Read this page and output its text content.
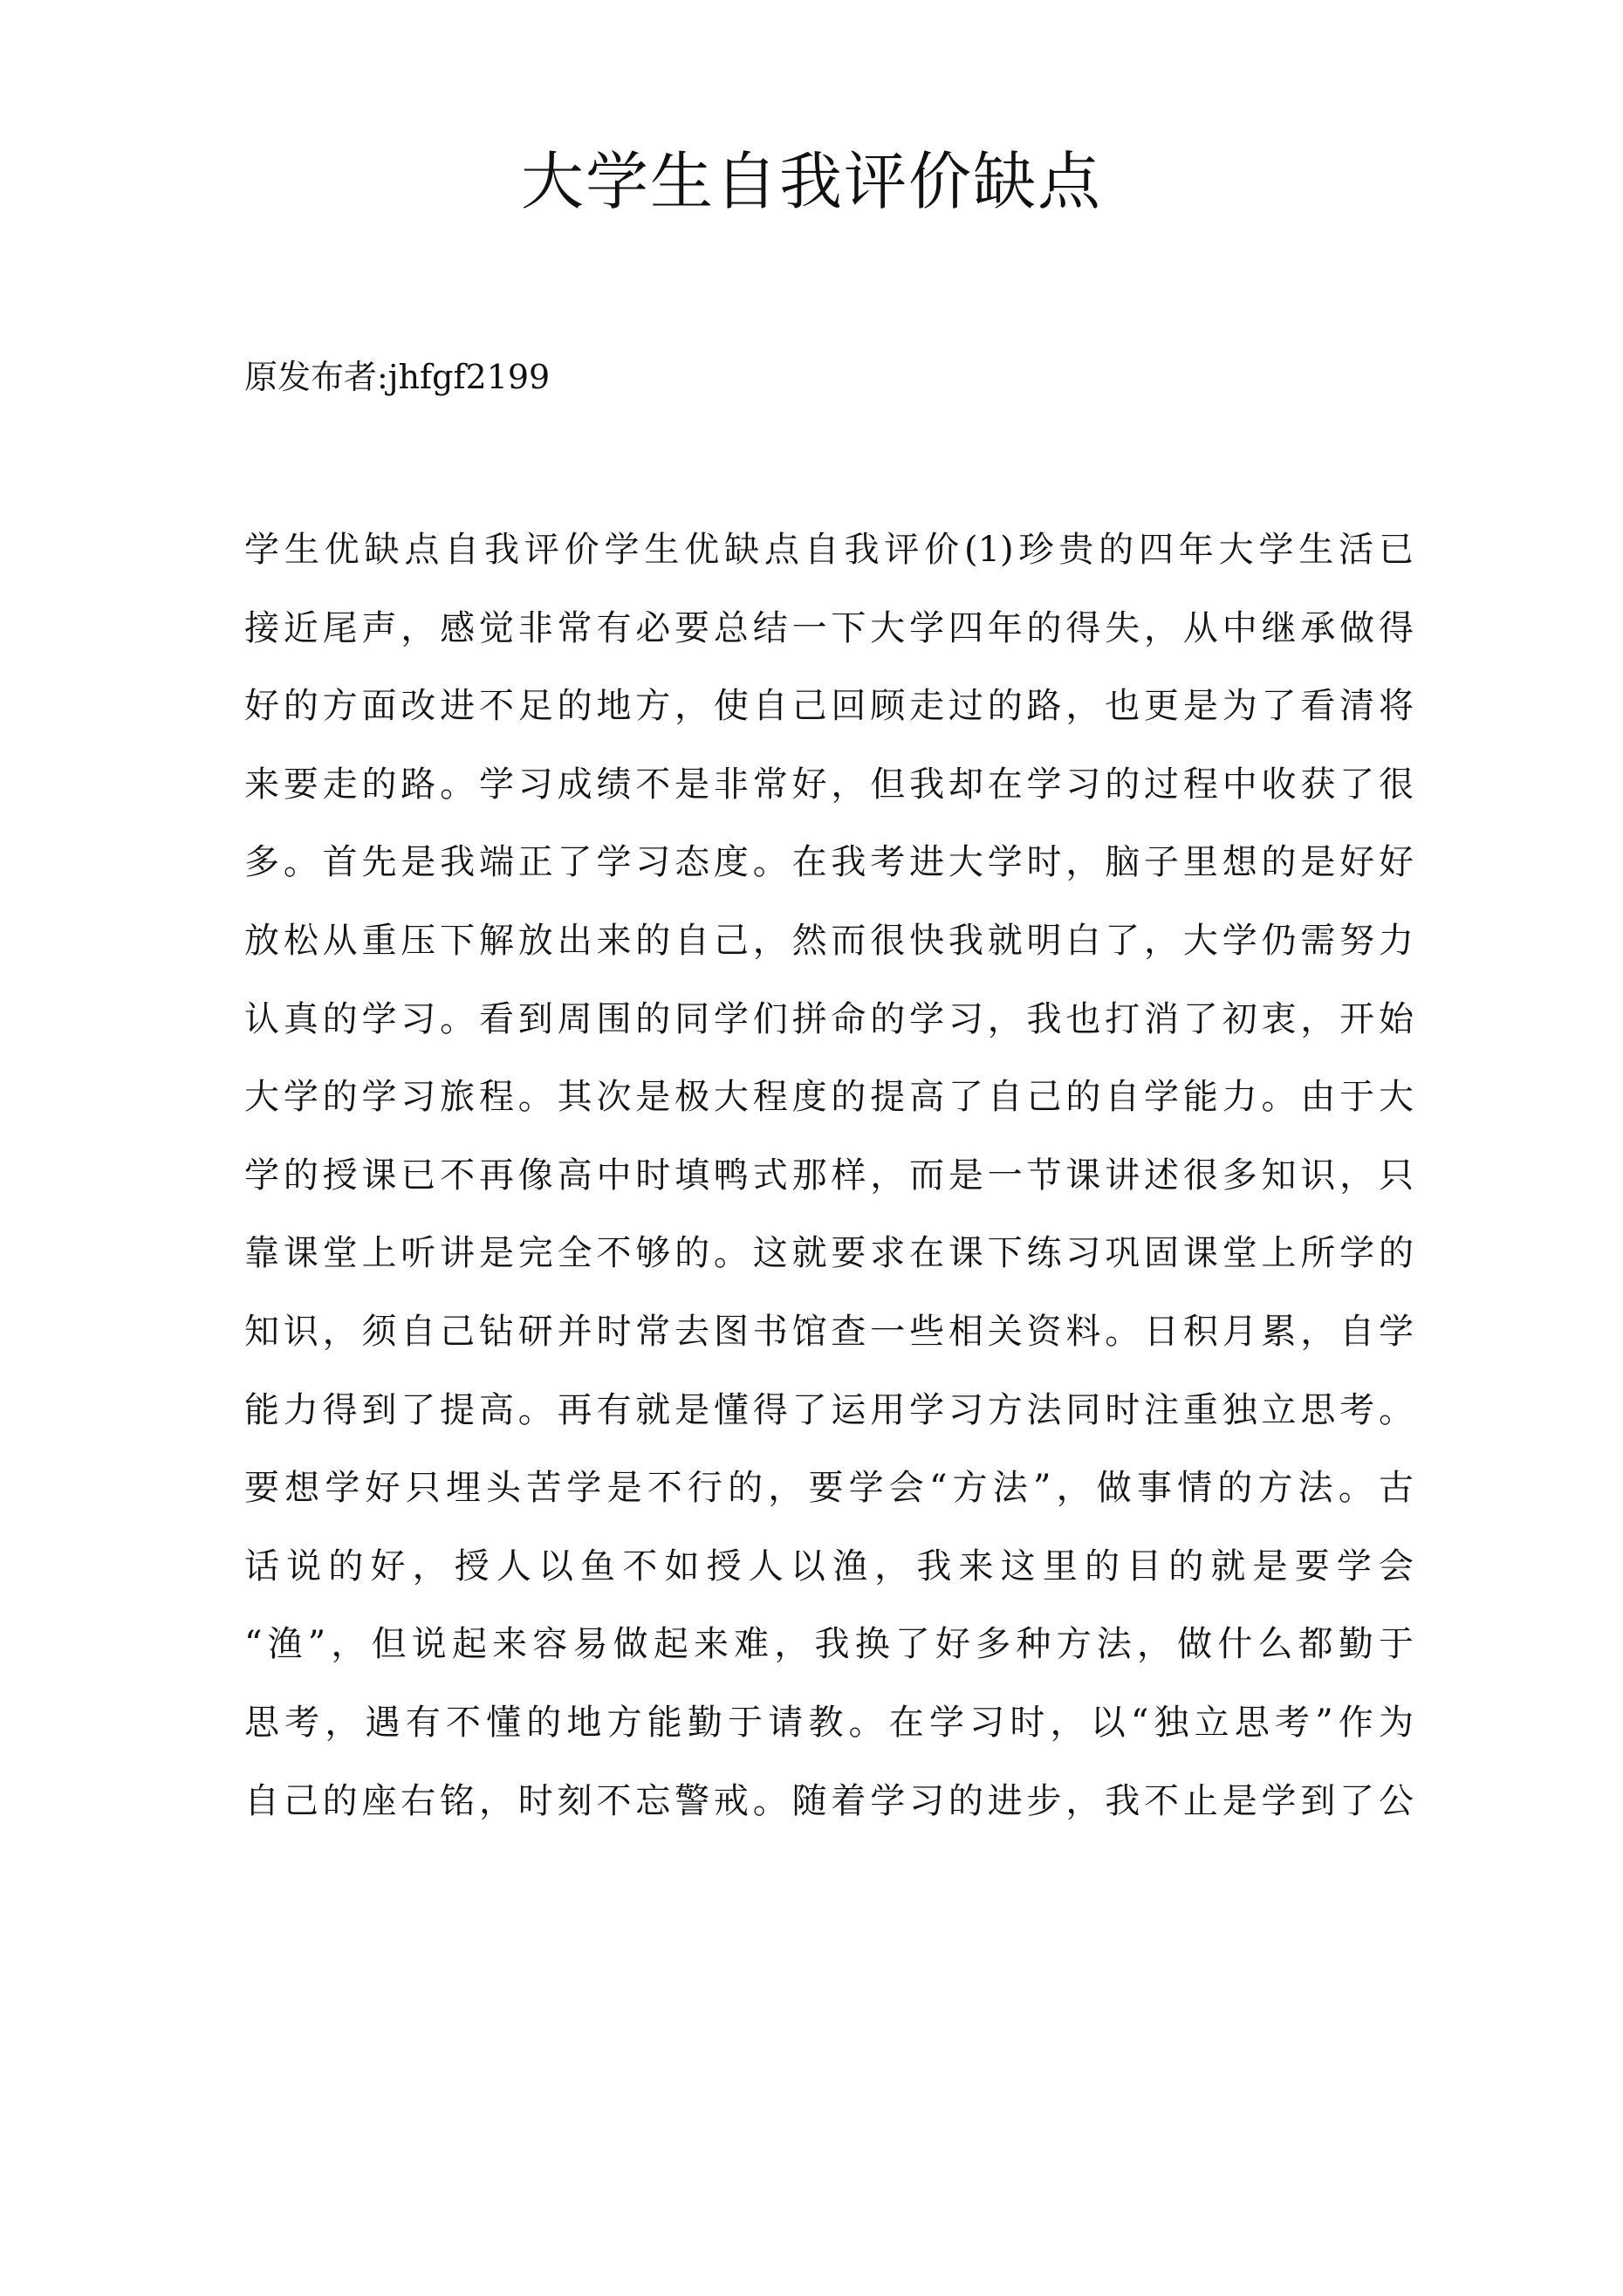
大学生自我评价缺点

原发布者:jhfgf2199

学生优缺点自我评价学生优缺点自我评价(1)珍贵的四年大学生活已
接近尾声，感觉非常有必要总结一下大学四年的得失，从中继承做得
好的方面改进不足的地方，使自己回顾走过的路，也更是为了看清将
来要走的路。学习成绩不是非常好，但我却在学习的过程中收获了很
多。首先是我端正了学习态度。在我考进大学时，脑子里想的是好好
放松从重压下解放出来的自己，然而很快我就明白了，大学仍需努力
认真的学习。看到周围的同学们拼命的学习，我也打消了初衷，开始
大学的学习旅程。其次是极大程度的提高了自己的自学能力。由于大
学的授课已不再像高中时填鸭式那样，而是一节课讲述很多知识，只
靠课堂上听讲是完全不够的。这就要求在课下练习巩固课堂上所学的
知识，须自己钻研并时常去图书馆查一些相关资料。日积月累，自学
能力得到了提高。再有就是懂得了运用学习方法同时注重独立思考。
要想学好只埋头苦学是不行的，要学会“方法”，做事情的方法。古
话说的好，授人以鱼不如授人以渔，我来这里的目的就是要学会
“渔”，但说起来容易做起来难，我换了好多种方法，做什么都勤于
思考，遇有不懂的地方能勤于请教。在学习时，以“独立思考”作为
自己的座右铭，时刻不忘警戒。随着学习的进步，我不止是学到了公
